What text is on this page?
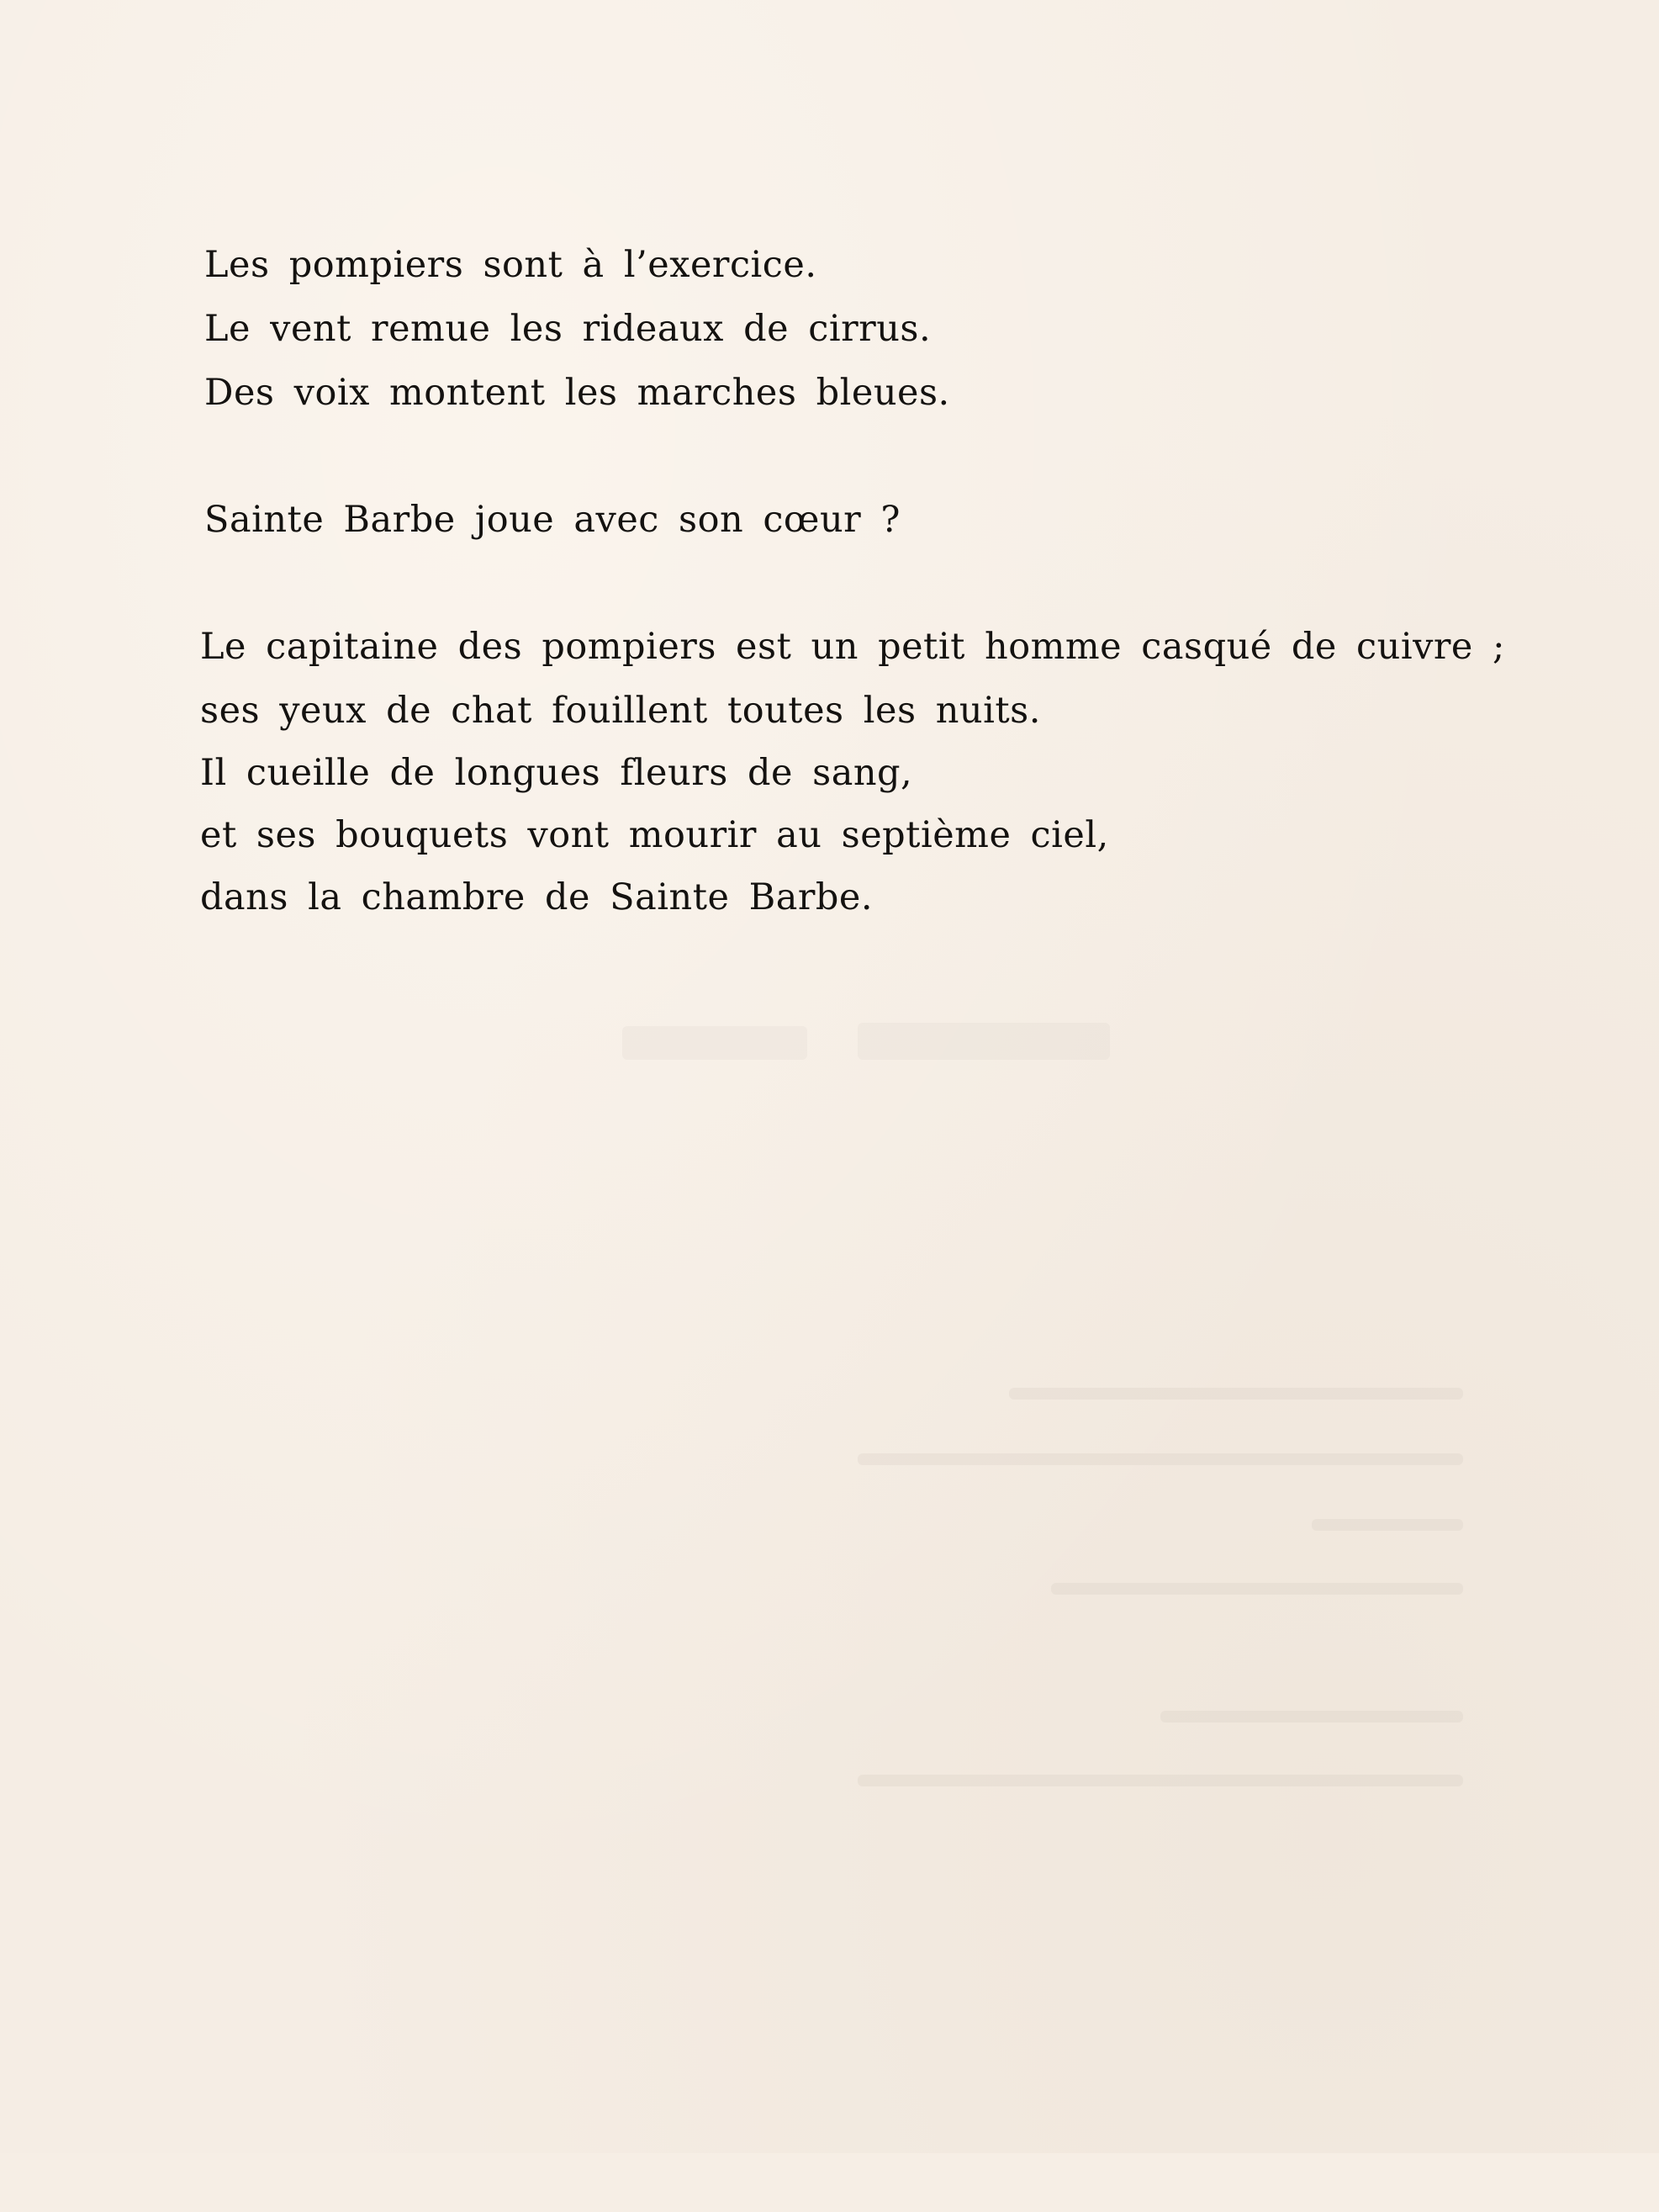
Les pompiers sont à l’exercice.
Le vent remue les rideaux de cirrus.
Des voix montent les marches bleues.
Sainte Barbe joue avec son cœur ?
Le capitaine des pompiers est un petit homme casqué de cuivre ;
ses yeux de chat fouillent toutes les nuits.
Il cueille de longues fleurs de sang,
et ses bouquets vont mourir au septième ciel,
dans la chambre de Sainte Barbe.
